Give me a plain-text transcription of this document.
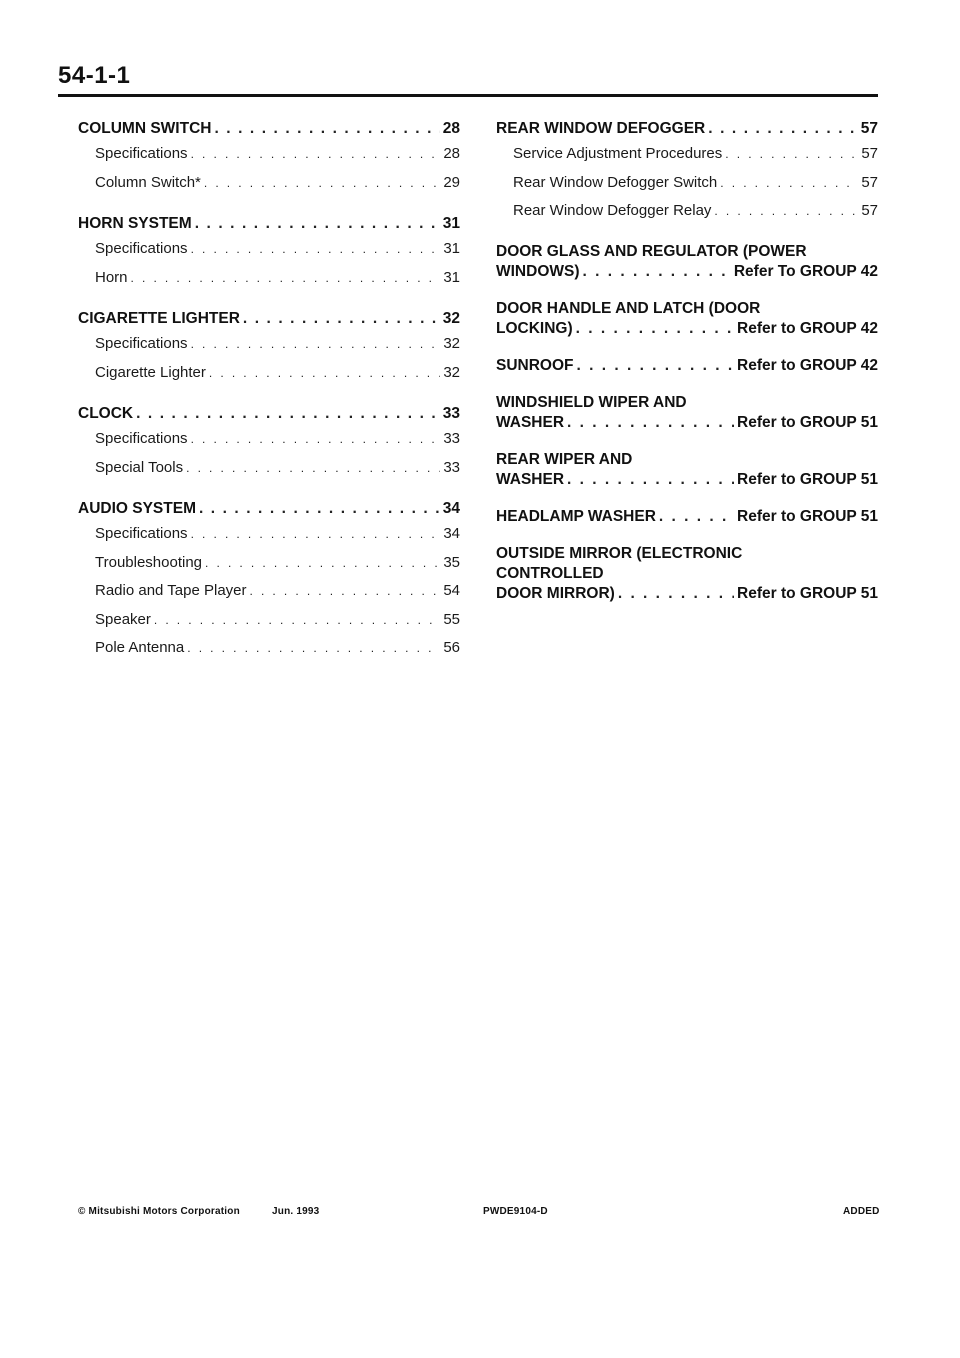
54-1-1
COLUMN SWITCH . . .	28
Specifications . . .	28
Column Switch* . . .	29
HORN SYSTEM . . .	31
Specifications . . .	31
Horn . . .	31
CIGARETTE LIGHTER . . .	32
Specifications . . .	32
Cigarette Lighter . . .	32
CLOCK . . .	33
Specifications . . .	33
Special Tools . . .	33
AUDIO SYSTEM . . .	34
Specifications . . .	34
Troubleshooting . . .	35
Radio and Tape Player . . .	54
Speaker . . .	55
Pole Antenna . . .	56
REAR WINDOW DEFOGGER . . .	57
Service Adjustment Procedures . . .	57
Rear Window Defogger Switch . . .	57
Rear Window Defogger Relay . . .	57
DOOR GLASS AND REGULATOR (POWER
WINDOWS) . . .	Refer To GROUP 42
DOOR HANDLE AND LATCH (DOOR
LOCKING) . . .	Refer to GROUP 42
SUNROOF . . .	Refer to GROUP 42
WINDSHIELD WIPER AND
WASHER . . .	Refer to GROUP 51
REAR WIPER AND
WASHER . . .	Refer to GROUP 51
HEADLAMP WASHER . . .	Refer to GROUP 51
OUTSIDE MIRROR (ELECTRONIC
CONTROLLED
DOOR MIRROR) . . .	Refer to GROUP 51
© Mitsubishi Motors Corporation	Jun. 1993	PWDE9104-D	ADDED
